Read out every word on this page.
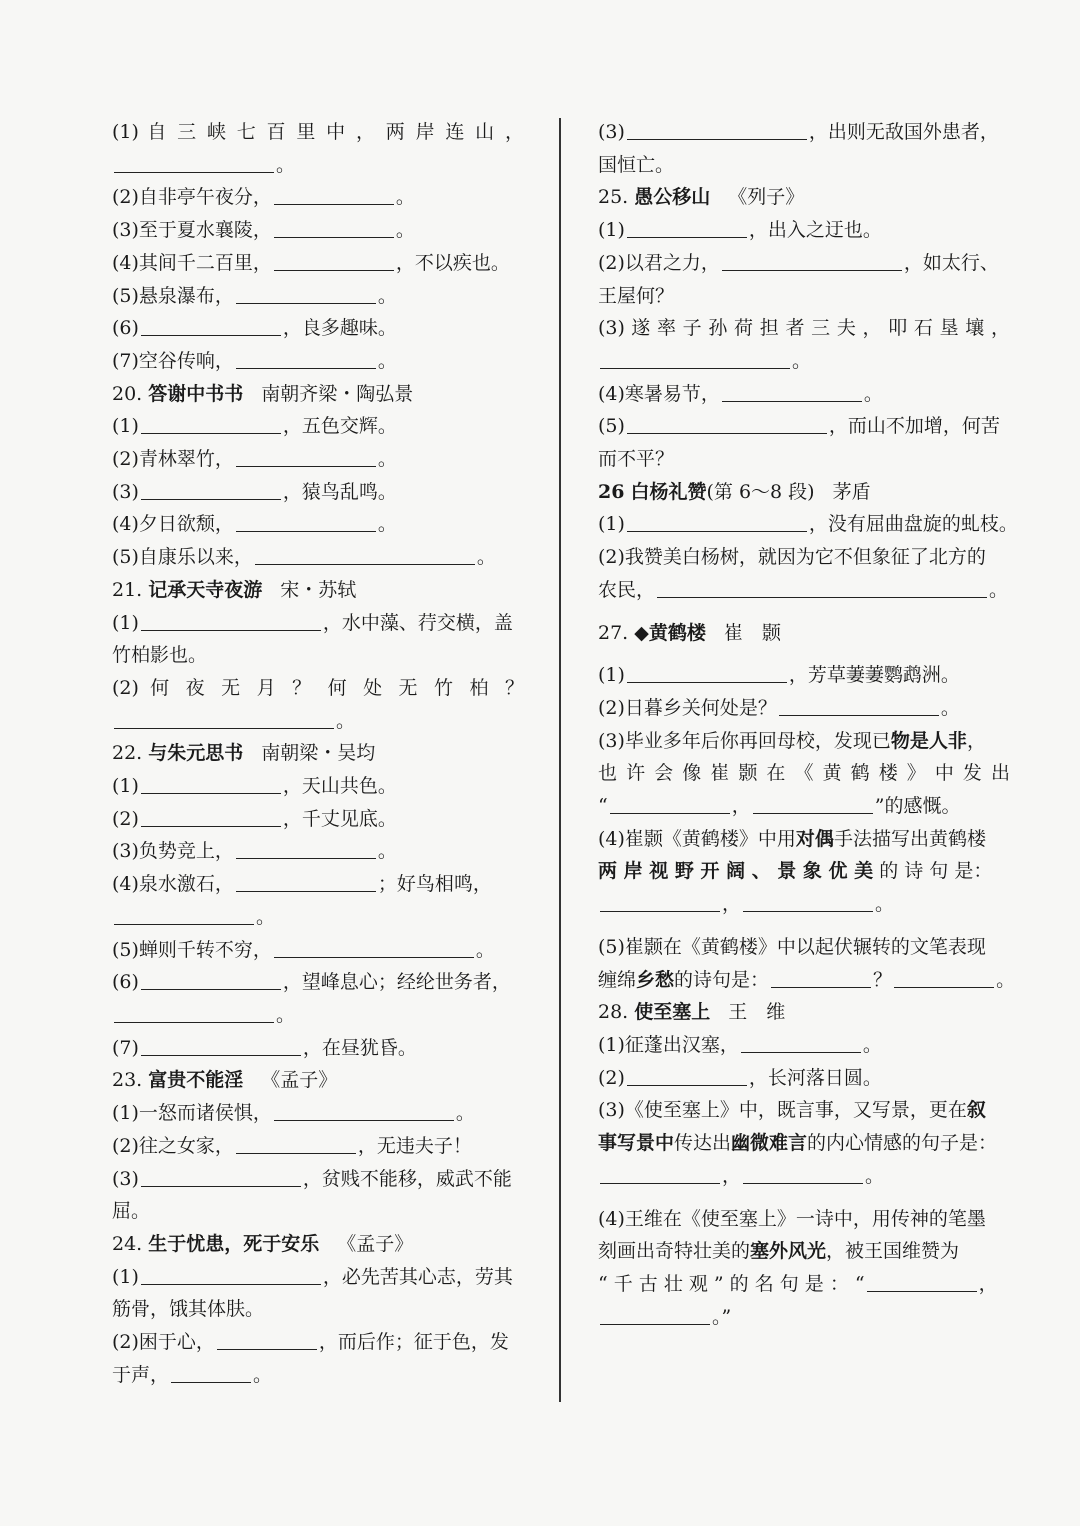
(1) 自 三 峡 七 百 里 中 ， 两 岸 连 山 ，
。
(2)自非亭午夜分，	。
(3)至于夏水襄陵，	。
(4)其间千二百里，	，不以疾也。
(5)悬泉瀑布，	。
(6)	，良多趣味。
(7)空谷传响，	。
20. 答谢中书书 南朝齐梁・陶弘景
(1)	，五色交辉。
(2)青林翠竹，	。
(3)	，猿鸟乱鸣。
(4)夕日欲颓，	。
(5)自康乐以来，	。
21. 记承天寺夜游 宋・苏轼
(1)	，水中藻、荇交横，盖
竹柏影也。
(2) 何 夜 无 月 ？ 何 处 无 竹 柏 ？
。
22. 与朱元思书 南朝梁・吴均
(1)	，天山共色。
(2)	，千丈见底。
(3)负势竞上，	。
(4)泉水激石，	；好鸟相鸣，
。
(5)蝉则千转不穷，	。
(6)	，望峰息心；经纶世务者，
。
(7)	，在昼犹昏。
23. 富贵不能淫 《孟子》
(1)一怒而诸侯惧，	。
(2)往之女家，	，无违夫子！
(3)	，贫贱不能移，威武不能
屈。
24. 生于忧患，死于安乐 《孟子》
(1)	，必先苦其心志，劳其
筋骨，饿其体肤。
(2)困于心，	，而后作；征于色，发
于声，	。
(3)	，出则无敌国外患者，
国恒亡。
25. 愚公移山 《列子》
(1)	，出入之迂也。
(2)以君之力，	，如太行、
王屋何？
(3) 遂 率 子 孙 荷 担 者 三 夫 ， 叩 石 垦 壤 ，
。
(4)寒暑易节，	。
(5)	，而山不加增，何苦
而不平？
26 白杨礼赞(第 6～8 段) 茅盾
(1)	，没有屈曲盘旋的虬枝。
(2)我赞美白杨树，就因为它不但象征了北方的
农民，	。
27. ◆黄鹤楼 崔　颢
(1)	，芳草萋萋鹦鹉洲。
(2)日暮乡关何处是？	。
(3)毕业多年后你再回母校，发现已物是人非，
也 许 会 像 崔 颢 在 《 黄 鹤 楼 》 中 发 出
“	，	”的感慨。
(4)崔颢《黄鹤楼》中用对偶手法描写出黄鹤楼
两 岸 视 野 开 阔 、 景 象 优 美 的 诗 句 是：
，	。
(5)崔颢在《黄鹤楼》中以起伏辗转的文笔表现
缠绵乡愁的诗句是：	？	。
28. 使至塞上 王　维
(1)征蓬出汉塞，	。
(2)	，长河落日圆。
(3)《使至塞上》中，既言事，又写景，更在叙
事写景中传达出幽微难言的内心情感的句子是：
，	。
(4)王维在《使至塞上》一诗中，用传神的笔墨
刻画出奇特壮美的塞外风光，被王国维赞为
“ 千 古 壮 观 ” 的 名 句 是 ： “	，
。”
